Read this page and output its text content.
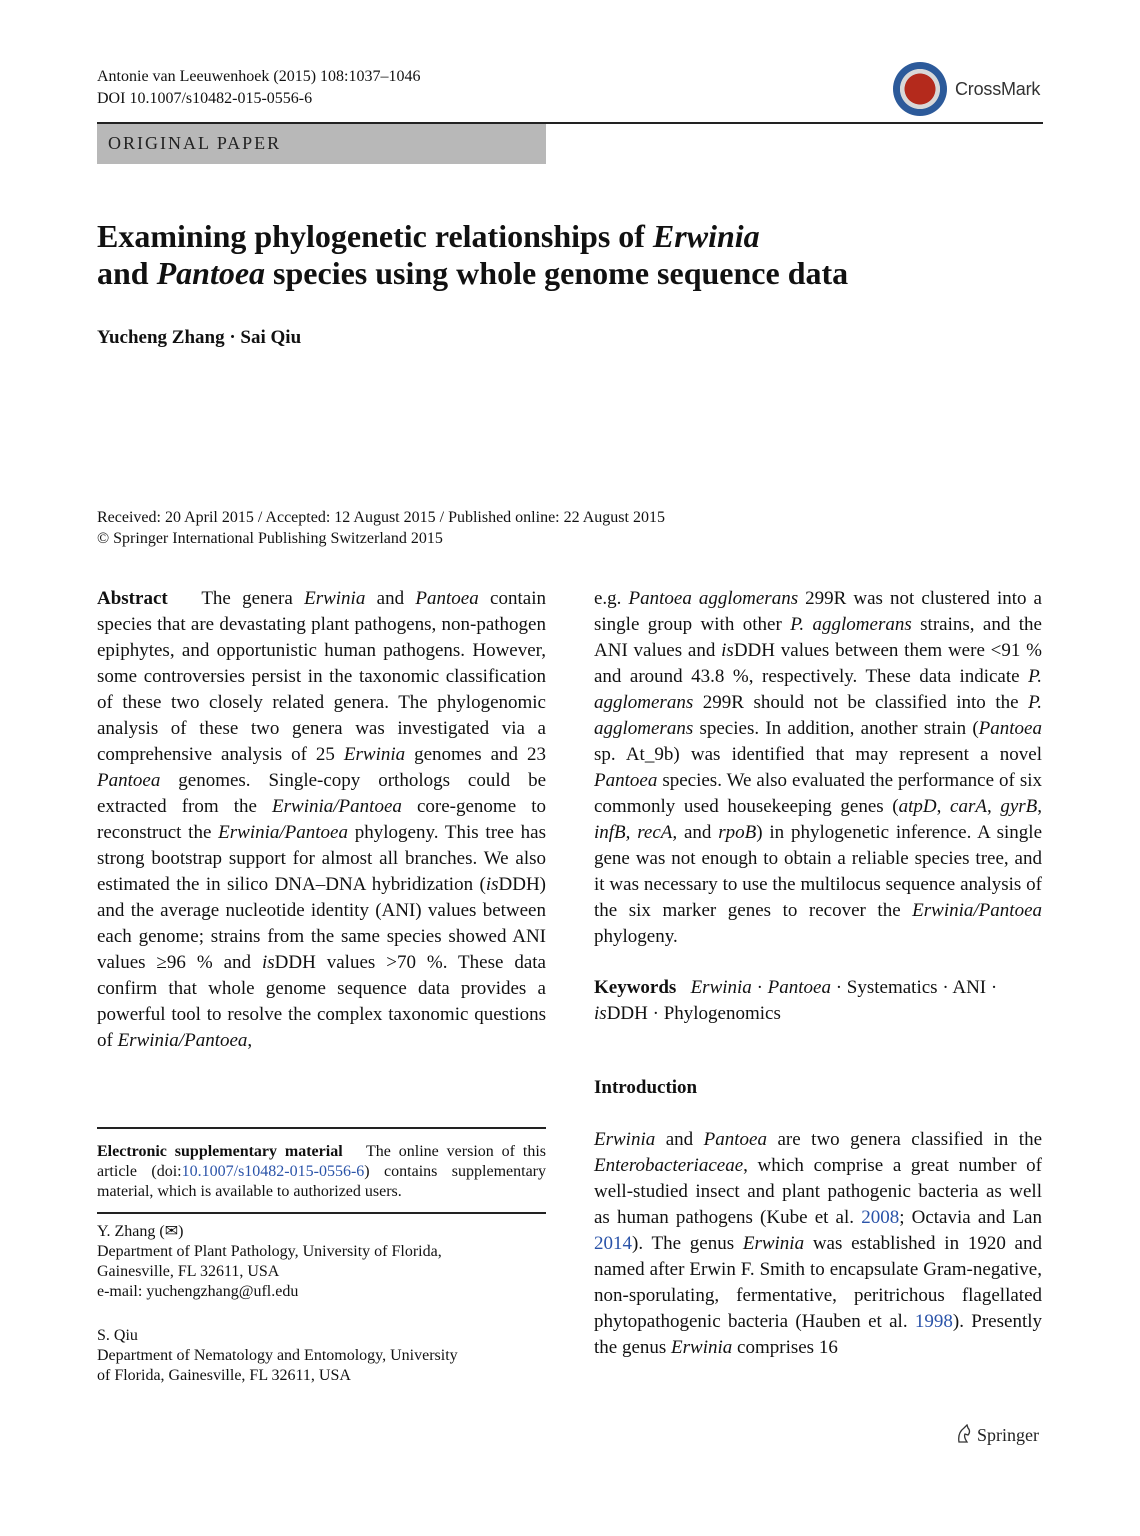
Antonie van Leeuwenhoek (2015) 108:1037–1046
DOI 10.1007/s10482-015-0556-6	CrossMark
ORIGINAL PAPER
Examining phylogenetic relationships of Erwinia
and Pantoea species using whole genome sequence data
Yucheng Zhang · Sai Qiu
Received: 20 April 2015 / Accepted: 12 August 2015 / Published online: 22 August 2015
© Springer International Publishing Switzerland 2015

Abstract The genera Erwinia and Pantoea contain species that are devastating plant pathogens, non-pathogen epiphytes, and opportunistic human pathogens. However, some controversies persist in the taxonomic classification of these two closely related genera. The phylogenomic analysis of these two genera was investigated via a comprehensive analysis of 25 Erwinia genomes and 23 Pantoea genomes. Single-copy orthologs could be extracted from the Erwinia/Pantoea core-genome to reconstruct the Erwinia/Pantoea phylogeny. This tree has strong bootstrap support for almost all branches. We also estimated the in silico DNA–DNA hybridization (isDDH) and the average nucleotide identity (ANI) values between each genome; strains from the same species showed ANI values ≥96 % and isDDH values >70 %. These data confirm that whole genome sequence data provides a powerful tool to resolve the complex taxonomic questions of Erwinia/Pantoea,

e.g. Pantoea agglomerans 299R was not clustered into a single group with other P. agglomerans strains, and the ANI values and isDDH values between them were <91 % and around 43.8 %, respectively. These data indicate P. agglomerans 299R should not be classified into the P. agglomerans species. In addition, another strain (Pantoea sp. At_9b) was identified that may represent a novel Pantoea species. We also evaluated the performance of six commonly used housekeeping genes (atpD, carA, gyrB, infB, recA, and rpoB) in phylogenetic inference. A single gene was not enough to obtain a reliable species tree, and it was necessary to use the multilocus sequence analysis of the six marker genes to recover the Erwinia/Pantoea phylogeny.

Keywords Erwinia · Pantoea · Systematics · ANI ·
isDDH · Phylogenomics

Introduction

Erwinia and Pantoea are two genera classified in the Enterobacteriaceae, which comprise a great number of well-studied insect and plant pathogenic bacteria as well as human pathogens (Kube et al. 2008; Octavia and Lan 2014). The genus Erwinia was established in 1920 and named after Erwin F. Smith to encapsulate Gram-negative, non-sporulating, fermentative, peritrichous flagellated phytopathogenic bacteria (Hauben et al. 1998). Presently the genus Erwinia comprises 16

Electronic supplementary material The online version of this article (doi:10.1007/s10482-015-0556-6) contains supplementary material, which is available to authorized users.
Y. Zhang (✉)
Department of Plant Pathology, University of Florida,
Gainesville, FL 32611, USA
e-mail: yuchengzhang@ufl.edu
S. Qiu
Department of Nematology and Entomology, University
of Florida, Gainesville, FL 32611, USA
Springer
